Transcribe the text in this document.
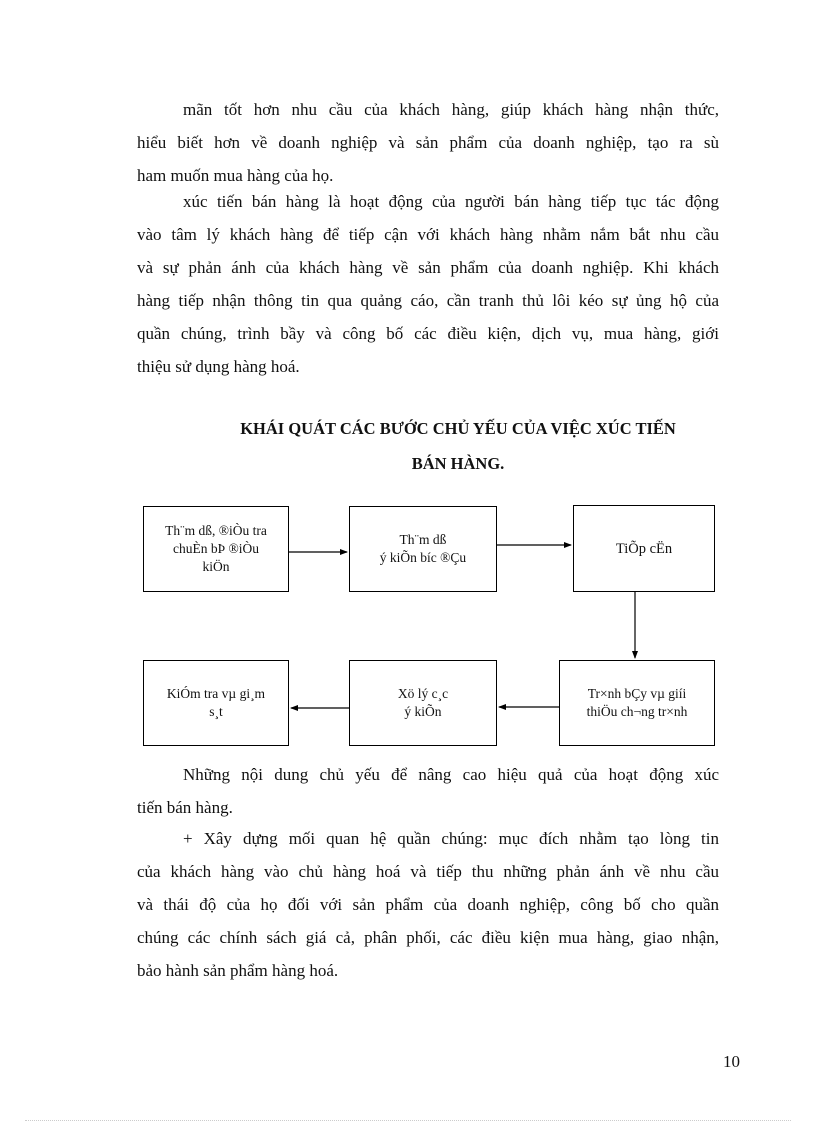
mãn tốt hơn nhu cầu của khách hàng, giúp khách hàng nhận thức,
hiểu biết hơn về doanh nghiệp và sản phẩm của doanh nghiệp, tạo ra sù
ham muốn mua hàng của họ.
xúc tiến bán hàng là hoạt động của người bán hàng tiếp tục tác động
vào tâm lý khách hàng để tiếp cận với khách hàng nhằm nắm bắt nhu cầu
và sự phản ánh của khách hàng về sản phẩm của doanh nghiệp. Khi khách
hàng tiếp nhận thông tin qua quảng cáo, cần tranh thủ lôi kéo sự ủng hộ của
quần chúng, trình bầy và công bố các điều kiện, dịch vụ, mua hàng, giới
thiệu sử dụng hàng hoá.
KHÁI QUÁT CÁC BƯỚC CHỦ YẾU CỦA VIỆC XÚC TIẾN
BÁN HÀNG.
Th¨m dß, ®iÒu tra
chuÈn bÞ ®iÒu
kiÖn
Th¨m dß
ý kiÕn bíc ®Çu
TiÕp cËn
Tr×nh bÇy vµ giíi
thiÖu ch¬ng tr×nh
Xö lý c¸c
ý kiÕn
KiÓm tra vµ gi¸m
s¸t
Những nội dung chủ yếu để nâng cao hiệu quả của hoạt động xúc
tiến bán hàng.
+ Xây dựng mối quan hệ quần chúng: mục đích nhằm tạo lòng tin
của khách hàng vào chủ hàng hoá và tiếp thu những phản ánh về nhu cầu
và thái độ của họ đối với sản phẩm của doanh nghiệp, công bố cho quần
chúng các chính sách giá cả, phân phối, các điều kiện mua hàng, giao nhận,
bảo hành sản phẩm hàng hoá.
10
